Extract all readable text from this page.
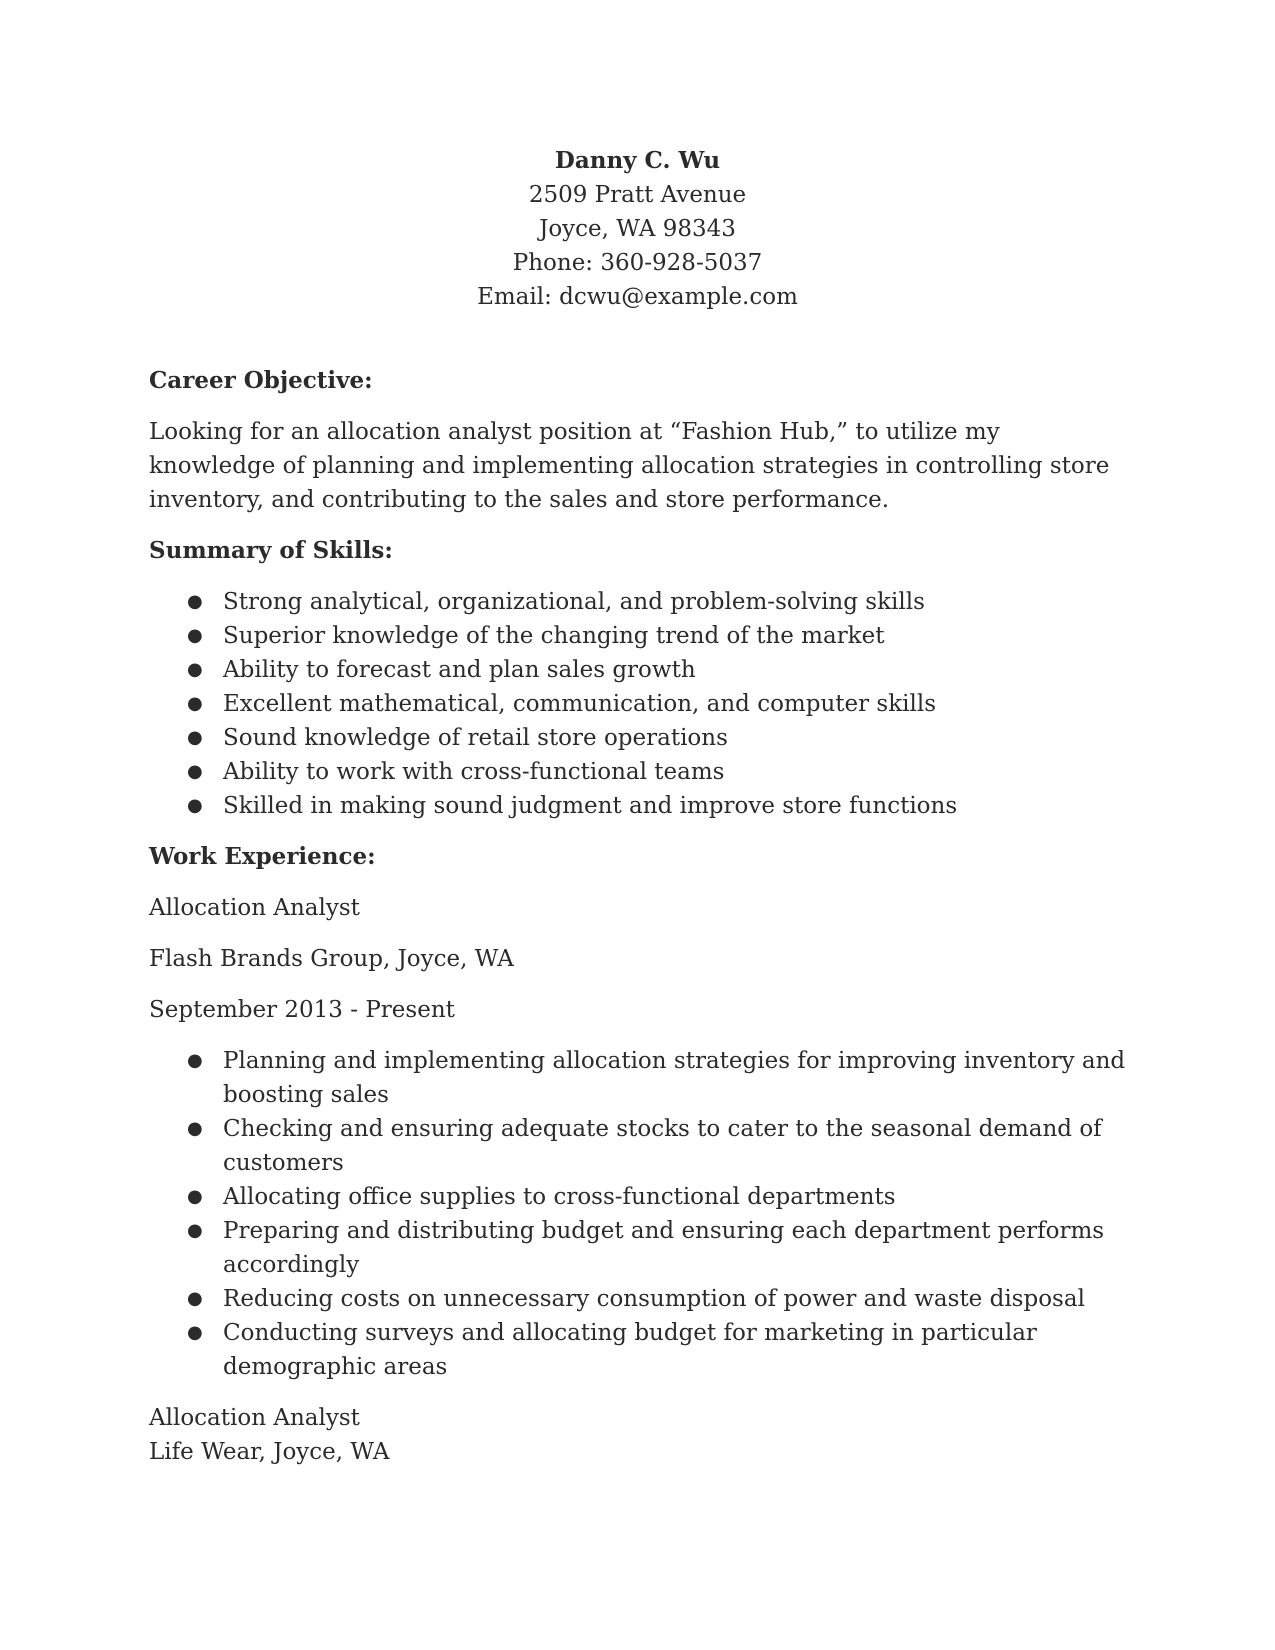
Danny C. Wu
2509 Pratt Avenue
Joyce, WA 98343
Phone: 360-928-5037
Email: dcwu@example.com
Career Objective:
Looking for an allocation analyst position at “Fashion Hub,” to utilize my knowledge of planning and implementing allocation strategies in controlling store inventory, and contributing to the sales and store performance.
Summary of Skills:
● Strong analytical, organizational, and problem-solving skills
● Superior knowledge of the changing trend of the market
● Ability to forecast and plan sales growth
● Excellent mathematical, communication, and computer skills
● Sound knowledge of retail store operations
● Ability to work with cross-functional teams
● Skilled in making sound judgment and improve store functions
Work Experience:
Allocation Analyst
Flash Brands Group, Joyce, WA
September 2013 - Present
● Planning and implementing allocation strategies for improving inventory and boosting sales
● Checking and ensuring adequate stocks to cater to the seasonal demand of customers
● Allocating office supplies to cross-functional departments
● Preparing and distributing budget and ensuring each department performs accordingly
● Reducing costs on unnecessary consumption of power and waste disposal
● Conducting surveys and allocating budget for marketing in particular demographic areas
Allocation Analyst
Life Wear, Joyce, WA
